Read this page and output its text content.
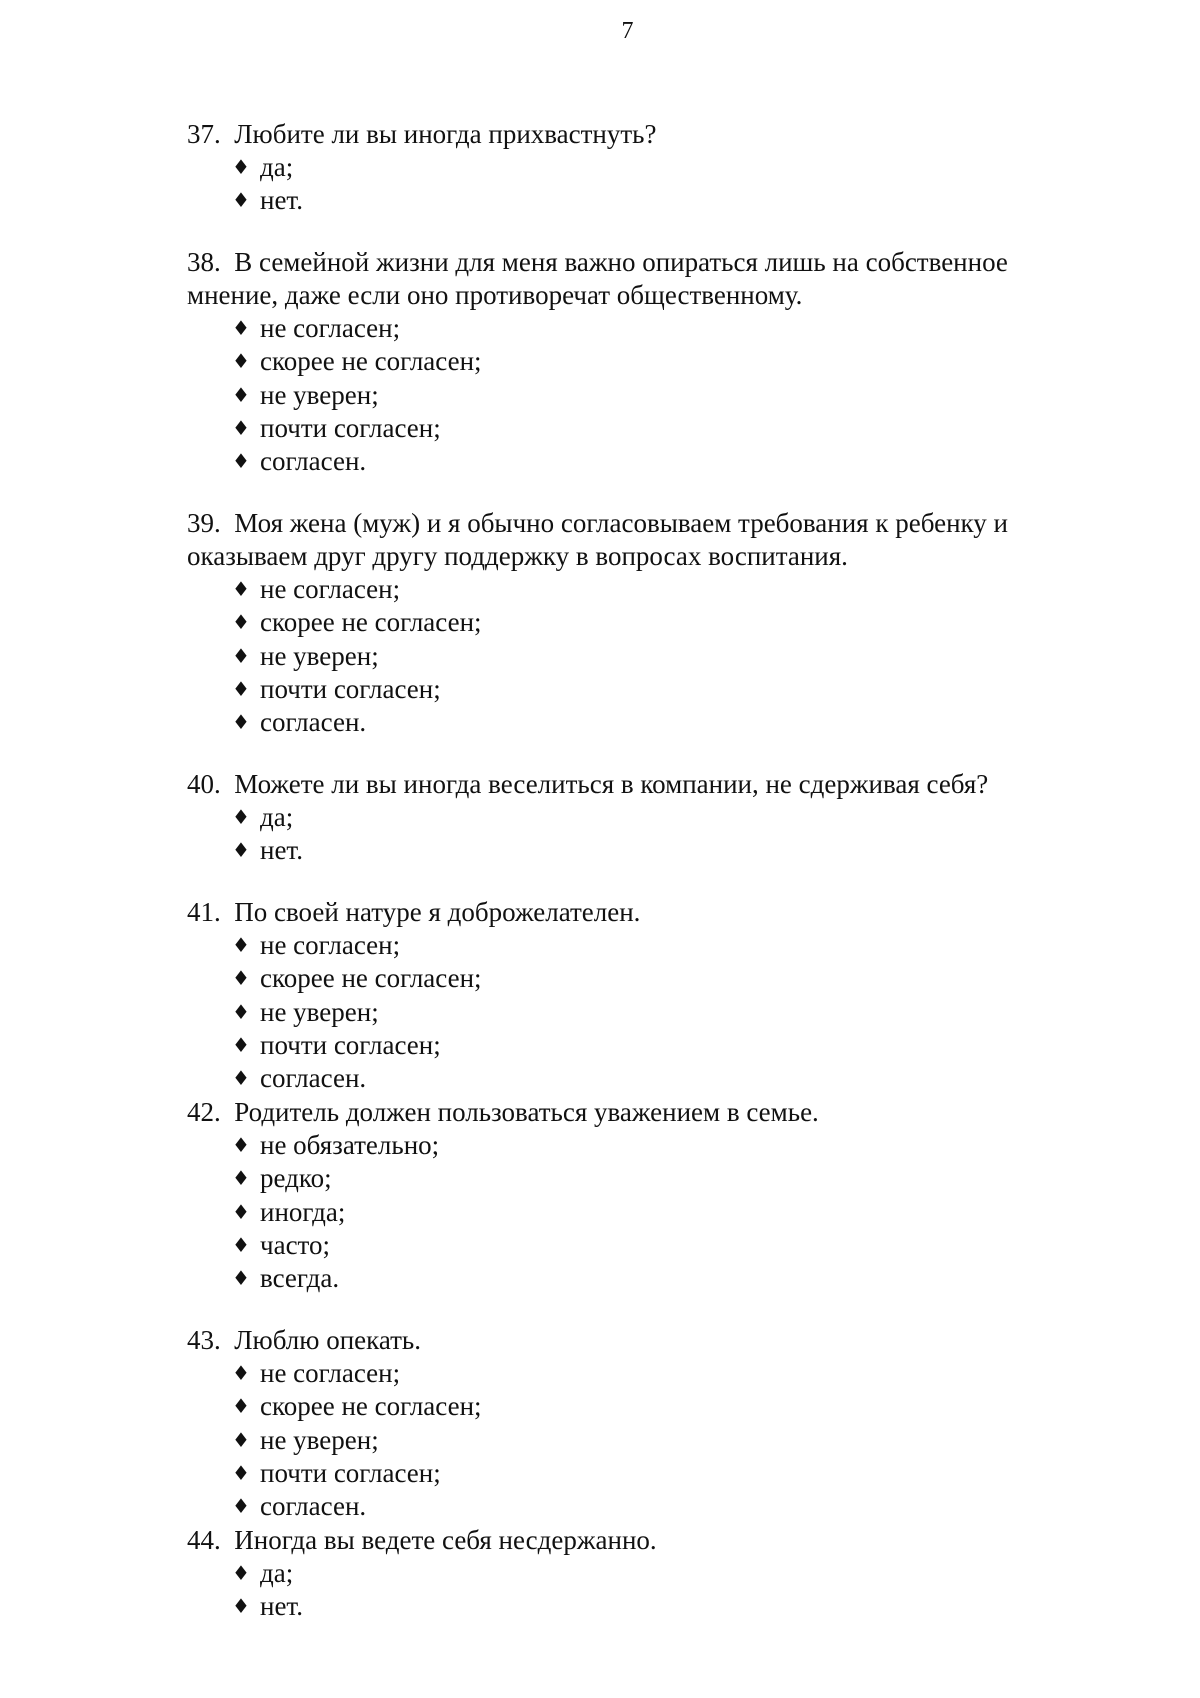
7
37. Любите ли вы иногда прихвастнуть?
♦ да;
♦ нет.
38. В семейной жизни для меня важно опираться лишь на собственное мнение, даже если оно противоречат общественному.
♦ не согласен;
♦ скорее не согласен;
♦ не уверен;
♦ почти согласен;
♦ согласен.
39. Моя жена (муж) и я обычно согласовываем требования к ребенку и оказываем друг другу поддержку в вопросах воспитания.
♦ не согласен;
♦ скорее не согласен;
♦ не уверен;
♦ почти согласен;
♦ согласен.
40. Можете ли вы иногда веселиться в компании, не сдерживая себя?
♦ да;
♦ нет.
41. По своей натуре я доброжелателен.
♦ не согласен;
♦ скорее не согласен;
♦ не уверен;
♦ почти согласен;
♦ согласен.
42. Родитель должен пользоваться уважением в семье.
♦ не обязательно;
♦ редко;
♦ иногда;
♦ часто;
♦ всегда.
43. Люблю опекать.
♦ не согласен;
♦ скорее не согласен;
♦ не уверен;
♦ почти согласен;
♦ согласен.
44. Иногда вы ведете себя несдержанно.
♦ да;
♦ нет.
